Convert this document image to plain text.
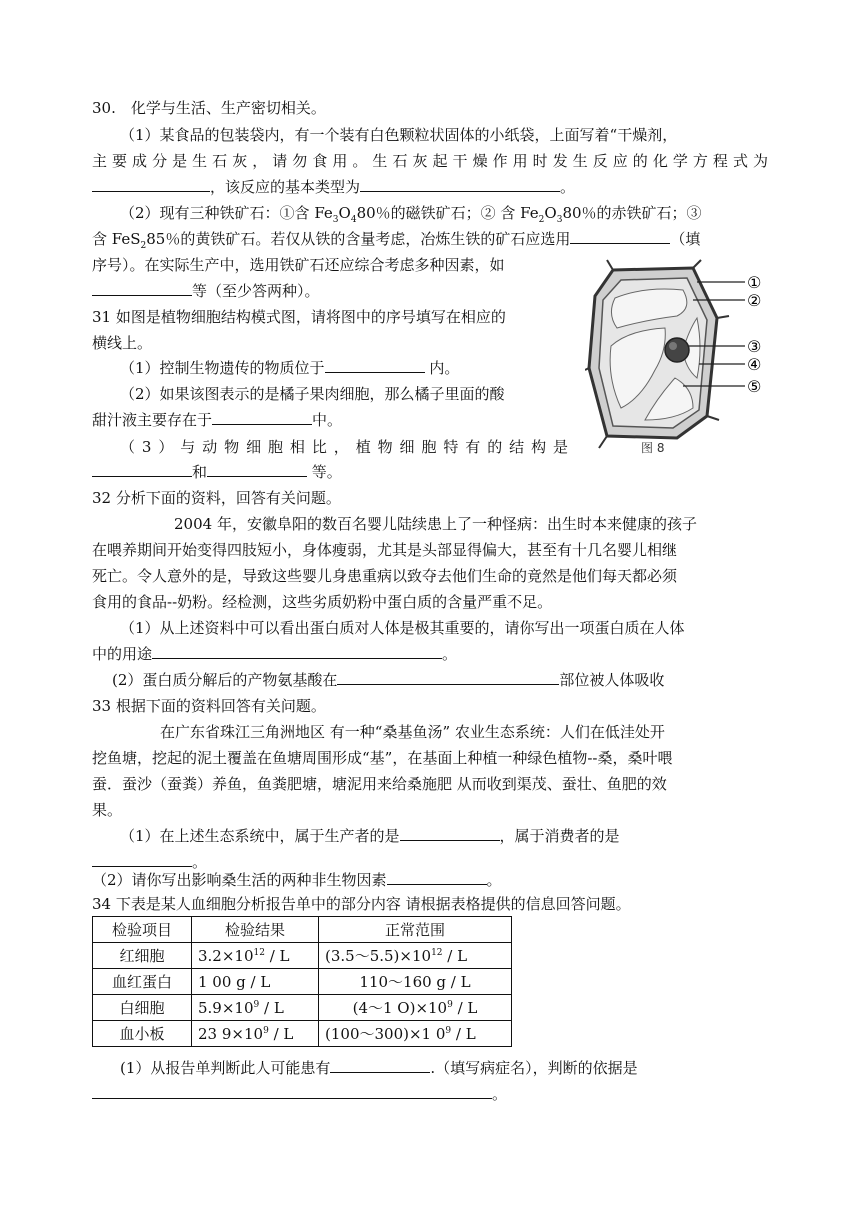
30.　化学与生活、生产密切相关。
（1）某食品的包装袋内，有一个装有白色颗粒状固体的小纸袋，上面写着“干燥剂，
主要成分是生石灰，请勿食用。生石灰起干燥作用时发生反应的化学方程式为
，该反应的基本类型为	。
（2）现有三种铁矿石：①含 $Fe_3O_480$％的磁铁矿石；② 含 $Fe_2O_380$％的赤铁矿石；③
含 FeS$_2$85％的黄铁矿石。若仅从铁的含量考虑，冶炼生铁的矿石应选用	（填
序号）。在实际生产中，选用铁矿石还应综合考虑多种因素，如
等（至少答两种）。
31 如图是植物细胞结构模式图，请将图中的序号填写在相应的
横线上。
（1）控制生物遗传的物质位于	内。
（2）如果该图表示的是橘子果肉细胞，那么橘子里面的酸
甜汁液主要存在于	中。
（3）与动物细胞相比，植物细胞特有的结构是
和	等。
①
②
③
④
⑤
图 8
32 分析下面的资料，回答有关问题。
2004 年，安徽阜阳的数百名婴儿陆续患上了一种怪病：出生时本来健康的孩子
在喂养期间开始变得四肢短小，身体瘦弱，尤其是头部显得偏大，甚至有十几名婴儿相继
死亡。令人意外的是，导致这些婴儿身患重病以致夺去他们生命的竟然是他们每天都必须
食用的食品--奶粉。经检测，这些劣质奶粉中蛋白质的含量严重不足。
（1）从上述资料中可以看出蛋白质对人体是极其重要的，请你写出一项蛋白质在人体
中的用途	。
(2）蛋白质分解后的产物氨基酸在	部位被人体吸收
33 根据下面的资料回答有关问题。
在广东省珠江三角洲地区 有一种“桑基鱼汤” 农业生态系统：人们在低洼处开
挖鱼塘，挖起的泥土覆盖在鱼塘周围形成“基”，在基面上种植一种绿色植物--桑，桑叶喂
蚕．蚕沙（蚕粪）养鱼，鱼粪肥塘，塘泥用来给桑施肥 从而收到渠茂、蚕壮、鱼肥的效
果。
（1）在上述生态系统中，属于生产者的是	，属于消费者的是
。
（2）请你写出影响桑生活的两种非生物因素	。
34 下表是某人血细胞分析报告单中的部分内容 请根据表格提供的信息回答问题。
检验项目	检验结果	正常范围
红细胞	$3.2\times 10^{12} / L$	$(3.5\sim 5.5)\times 10^{12} / L$
血红蛋白	1 00 g / L	110～160 g / L
白细胞	$5.9\times 10^9 / L$	(4～1 $O)\times 10^9 / L$
血小板	23 $9\times 10^9 / L$	(100～300)×1 $0^9$ / L
(1）从报告单判断此人可能患有	.（填写病症名），判断的依据是
。
